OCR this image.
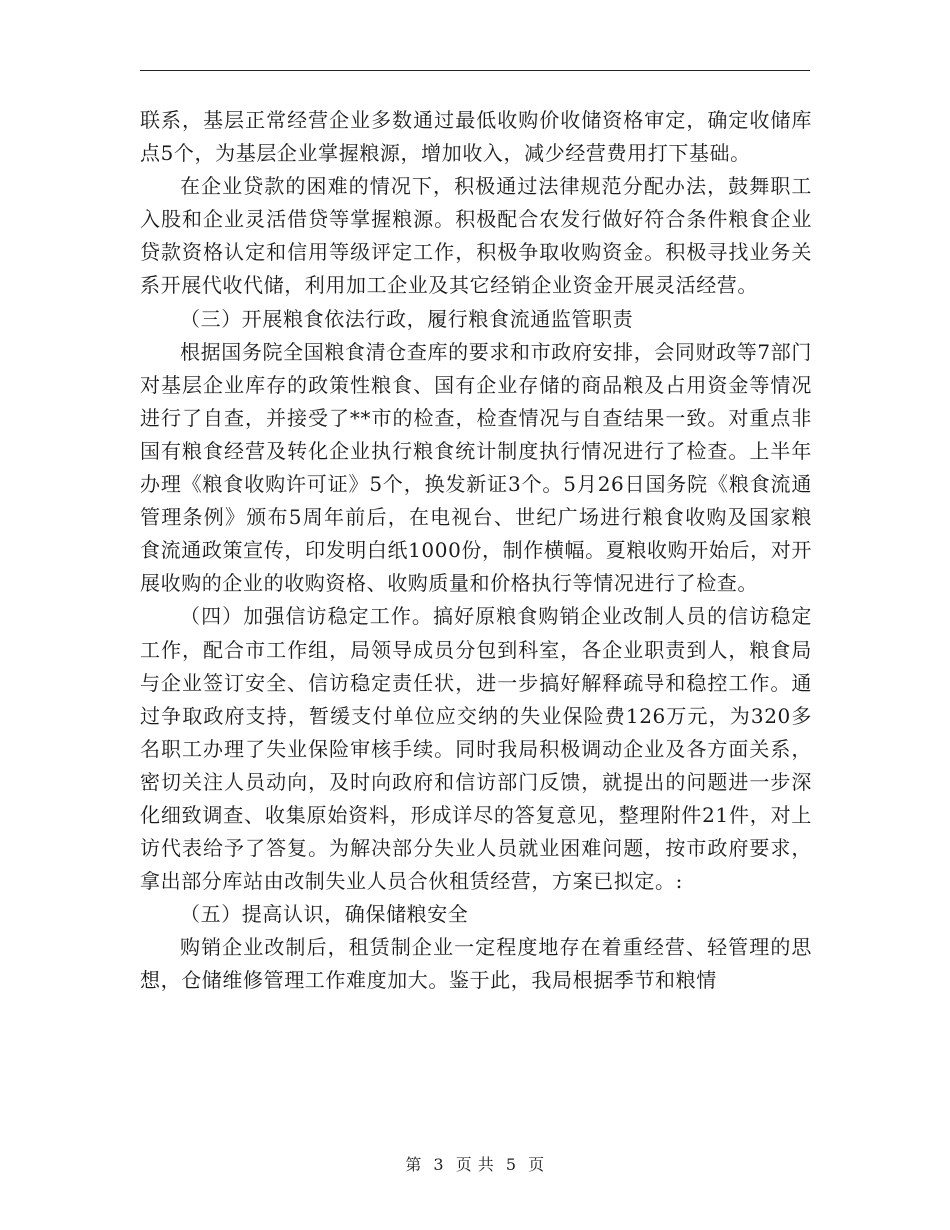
联系，基层正常经营企业多数通过最低收购价收储资格审定，确定收储库点5个，为基层企业掌握粮源，增加收入，减少经营费用打下基础。

在企业贷款的困难的情况下，积极通过法律规范分配办法，鼓舞职工入股和企业灵活借贷等掌握粮源。积极配合农发行做好符合条件粮食企业贷款资格认定和信用等级评定工作，积极争取收购资金。积极寻找业务关系开展代收代储，利用加工企业及其它经销企业资金开展灵活经营。

（三）开展粮食依法行政，履行粮食流通监管职责

根据国务院全国粮食清仓查库的要求和市政府安排，会同财政等7部门对基层企业库存的政策性粮食、国有企业存储的商品粮及占用资金等情况进行了自查，并接受了**市的检查，检查情况与自查结果一致。对重点非国有粮食经营及转化企业执行粮食统计制度执行情况进行了检查。上半年办理《粮食收购许可证》5个，换发新证3个。5月26日国务院《粮食流通管理条例》颁布5周年前后，在电视台、世纪广场进行粮食收购及国家粮食流通政策宣传，印发明白纸1000份，制作横幅。夏粮收购开始后，对开展收购的企业的收购资格、收购质量和价格执行等情况进行了检查。

（四）加强信访稳定工作。搞好原粮食购销企业改制人员的信访稳定工作，配合市工作组，局领导成员分包到科室，各企业职责到人，粮食局与企业签订安全、信访稳定责任状，进一步搞好解释疏导和稳控工作。通过争取政府支持，暂缓支付单位应交纳的失业保险费126万元，为320多名职工办理了失业保险审核手续。同时我局积极调动企业及各方面关系，密切关注人员动向，及时向政府和信访部门反馈，就提出的问题进一步深化细致调查、收集原始资料，形成详尽的答复意见，整理附件21件，对上访代表给予了答复。为解决部分失业人员就业困难问题，按市政府要求，拿出部分库站由改制失业人员合伙租赁经营，方案已拟定。:

（五）提高认识，确保储粮安全

购销企业改制后，租赁制企业一定程度地存在着重经营、轻管理的思想，仓储维修管理工作难度加大。鉴于此，我局根据季节和粮情

第 3 页 共 5 页
